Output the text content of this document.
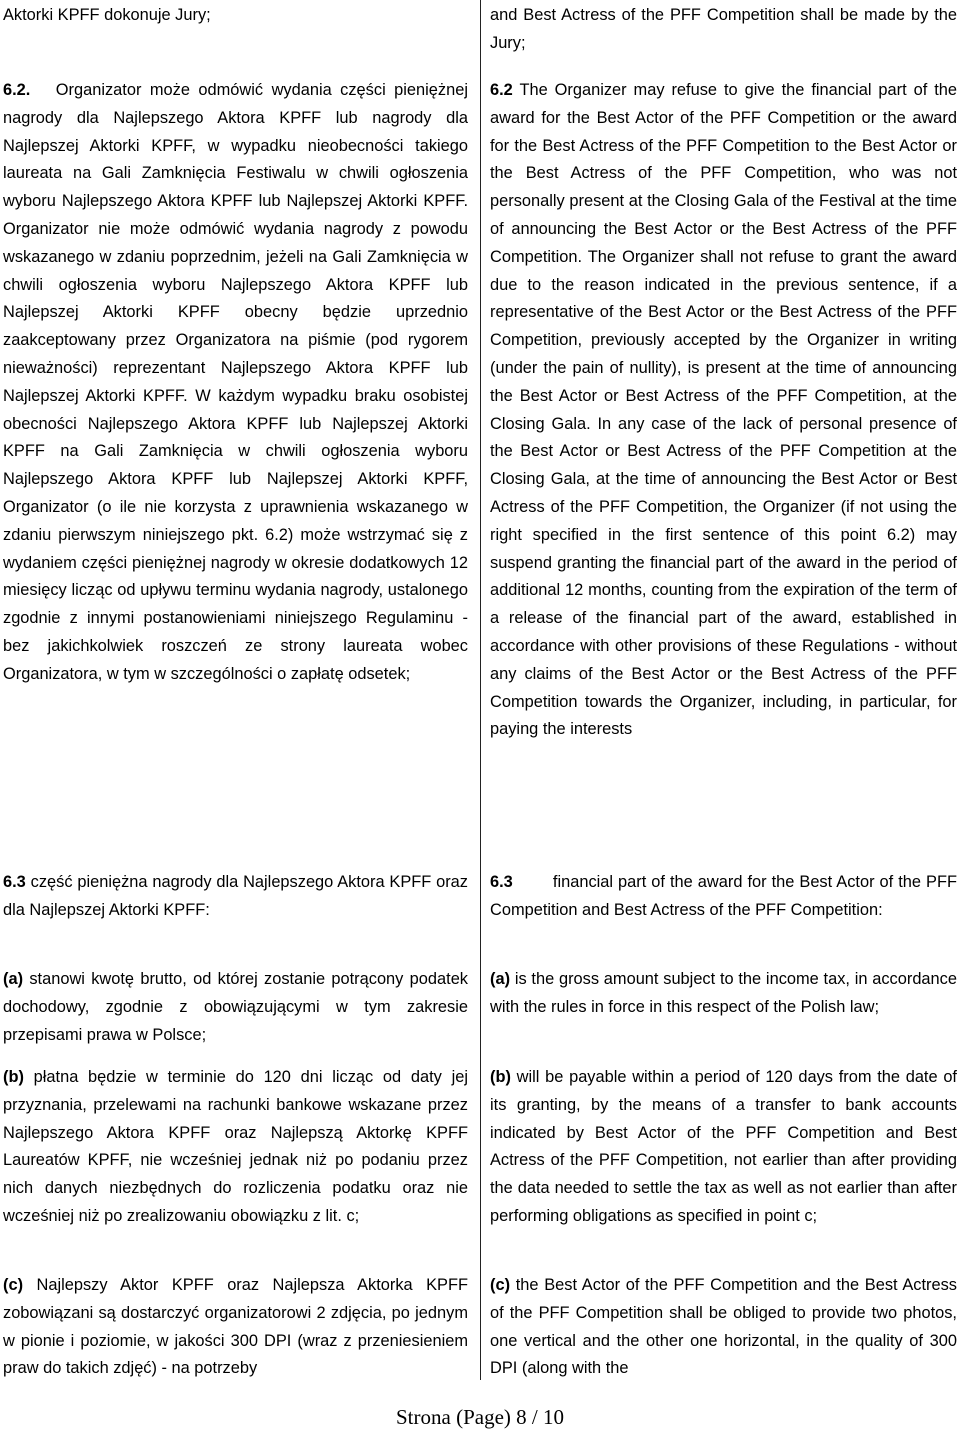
Aktorki KPFF dokonuje Jury;

6.2. Organizator może odmówić wydania części pieniężnej nagrody dla Najlepszego Aktora KPFF lub nagrody dla Najlepszej Aktorki KPFF, w wypadku nieobecności takiego laureata na Gali Zamknięcia Festiwalu w chwili ogłoszenia wyboru Najlepszego Aktora KPFF lub Najlepszej Aktorki KPFF. Organizator nie może odmówić wydania nagrody z powodu wskazanego w zdaniu poprzednim, jeżeli na Gali Zamknięcia w chwili ogłoszenia wyboru Najlepszego Aktora KPFF lub Najlepszej Aktorki KPFF obecny będzie uprzednio zaakceptowany przez Organizatora na piśmie (pod rygorem nieważności) reprezentant Najlepszego Aktora KPFF lub Najlepszej Aktorki KPFF. W każdym wypadku braku osobistej obecności Najlepszego Aktora KPFF lub Najlepszej Aktorki KPFF na Gali Zamknięcia w chwili ogłoszenia wyboru Najlepszego Aktora KPFF lub Najlepszej Aktorki KPFF, Organizator (o ile nie korzysta z uprawnienia wskazanego w zdaniu pierwszym niniejszego pkt. 6.2) może wstrzymać się z wydaniem części pieniężnej nagrody w okresie dodatkowych 12 miesięcy licząc od upływu terminu wydania nagrody, ustalonego zgodnie z innymi postanowieniami niniejszego Regulaminu - bez jakichkolwiek roszczeń ze strony laureata wobec Organizatora, w tym w szczególności o zapłatę odsetek;

6.3 część pieniężna nagrody dla Najlepszego Aktora KPFF oraz dla Najlepszej Aktorki KPFF:

(a) stanowi kwotę brutto, od której zostanie potrącony podatek dochodowy, zgodnie z obowiązującymi w tym zakresie przepisami prawa w Polsce;

(b) płatna będzie w terminie do 120 dni licząc od daty jej przyznania, przelewami na rachunki bankowe wskazane przez Najlepszego Aktora KPFF oraz Najlepszą Aktorkę KPFF Laureatów KPFF, nie wcześniej jednak niż po podaniu przez nich danych niezbędnych do rozliczenia podatku oraz nie wcześniej niż po zrealizowaniu obowiązku z lit. c;

(c) Najlepszy Aktor KPFF oraz Najlepsza Aktorka KPFF zobowiązani są dostarczyć organizatorowi 2 zdjęcia, po jednym w pionie i poziomie, w jakości 300 DPI (wraz z przeniesieniem praw do takich zdjęć) - na potrzeby

and Best Actress of the PFF Competition shall be made by the Jury;

6.2 The Organizer may refuse to give the financial part of the award for the Best Actor of the PFF Competition or the award for the Best Actress of the PFF Competition to the Best Actor or the Best Actress of the PFF Competition, who was not personally present at the Closing Gala of the Festival at the time of announcing the Best Actor or the Best Actress of the PFF Competition. The Organizer shall not refuse to grant the award due to the reason indicated in the previous sentence, if a representative of the Best Actor or the Best Actress of the PFF Competition, previously accepted by the Organizer in writing (under the pain of nullity), is present at the time of announcing the Best Actor or Best Actress of the PFF Competition, at the Closing Gala. In any case of the lack of personal presence of the Best Actor or Best Actress of the PFF Competition at the Closing Gala, at the time of announcing the Best Actor or Best Actress of the PFF Competition, the Organizer (if not using the right specified in the first sentence of this point 6.2) may suspend granting the financial part of the award in the period of additional 12 months, counting from the expiration of the term of a release of the financial part of the award, established in accordance with other provisions of these Regulations - without any claims of the Best Actor or the Best Actress of the PFF Competition towards the Organizer, including, in particular, for paying the interests

6.3 financial part of the award for the Best Actor of the PFF Competition and Best Actress of the PFF Competition:

(a) is the gross amount subject to the income tax, in accordance with the rules in force in this respect of the Polish law;

(b) will be payable within a period of 120 days from the date of its granting, by the means of a transfer to bank accounts indicated by Best Actor of the PFF Competition and Best Actress of the PFF Competition, not earlier than after providing the data needed to settle the tax as well as not earlier than after performing obligations as specified in point c;

(c) the Best Actor of the PFF Competition and the Best Actress of the PFF Competition shall be obliged to provide two photos, one vertical and the other one horizontal, in the quality of 300 DPI (along with the

Strona (Page) 8 / 10
